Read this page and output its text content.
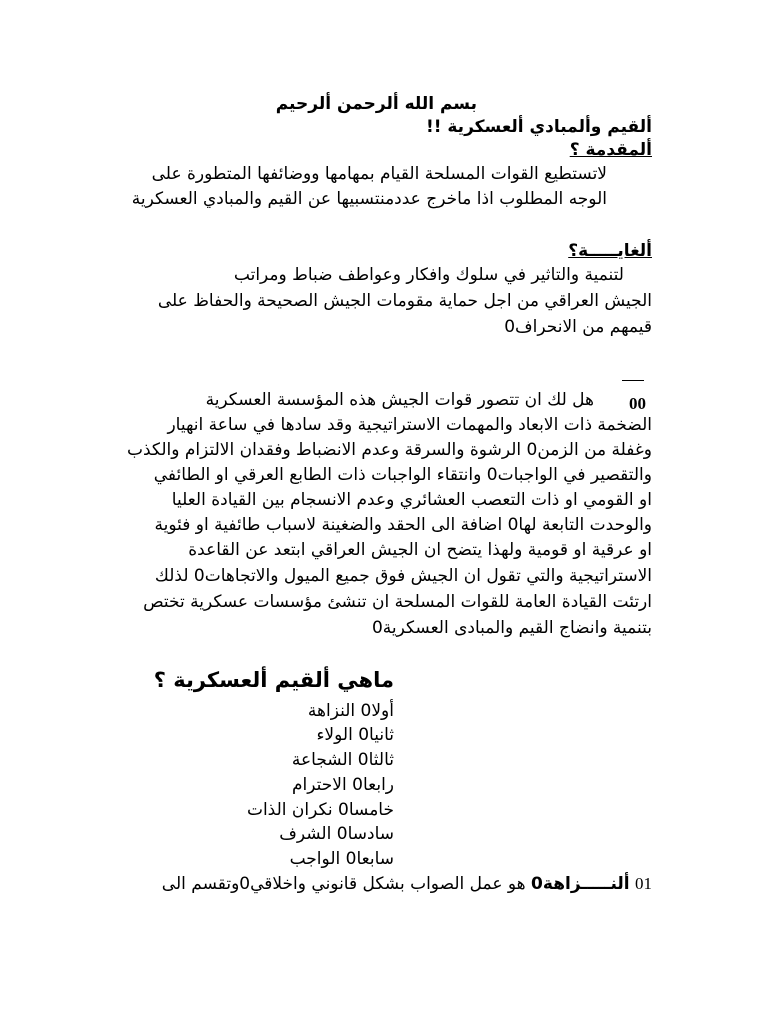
بسم الله ألرحمن ألرحيم
ألقيم وألمبادي ألعسكرية !!
ألمقدمة ؟
لاتستطيع القوات المسلحة القيام بمهامها ووضائفها المتطورة على
الوجه المطلوب اذا ماخرج عددمنتسبيها عن القيم والمبادي العسكرية
ألغايـــــة؟
لتنمية والتاثير في سلوك وافكار وعواطف ضباط ومراتب
الجيش العراقي من اجل حماية مقومات الجيش الصحيحة والحفاظ على
قيمهم من الانحراف0
00
هل لك ان تتصور قوات الجيش هذه المؤسسة العسكرية
الضخمة ذات الابعاد والمهمات الاستراتيجية وقد سادها في ساعة انهيار
وغفلة من الزمن0 الرشوة والسرقة وعدم الانضباط وفقدان الالتزام والكذب
والتقصير في الواجبات0 وانتقاء الواجبات ذات الطابع العرقي او الطائفي
او القومي او ذات التعصب العشائري وعدم الانسجام بين القيادة العليا
والوحدت التابعة لها0 اضافة الى الحقد والضغينة لاسباب طائفية او فئوية
او عرقية او قومية ولهذا يتضح ان الجيش العراقي ابتعد عن القاعدة
الاستراتيجية والتي تقول ان الجيش فوق جميع الميول والاتجاهات0 لذلك
ارتئت القيادة العامة للقوات المسلحة ان تنشئ مؤسسات عسكرية تختص
بتنمية وانضاج القيم والمبادى العسكرية0
ماهي ألقيم ألعسكرية ؟
أولا0 النزاهة
ثانيا0 الولاء
ثالثا0 الشجاعة
رابعا0 الاحترام
خامسا0 نكران الذات
سادسا0 الشرف
سابعا0 الواجب
01 ألنـــــزاهة0 هو عمل الصواب بشكل قانوني واخلاقي0وتقسم الى
